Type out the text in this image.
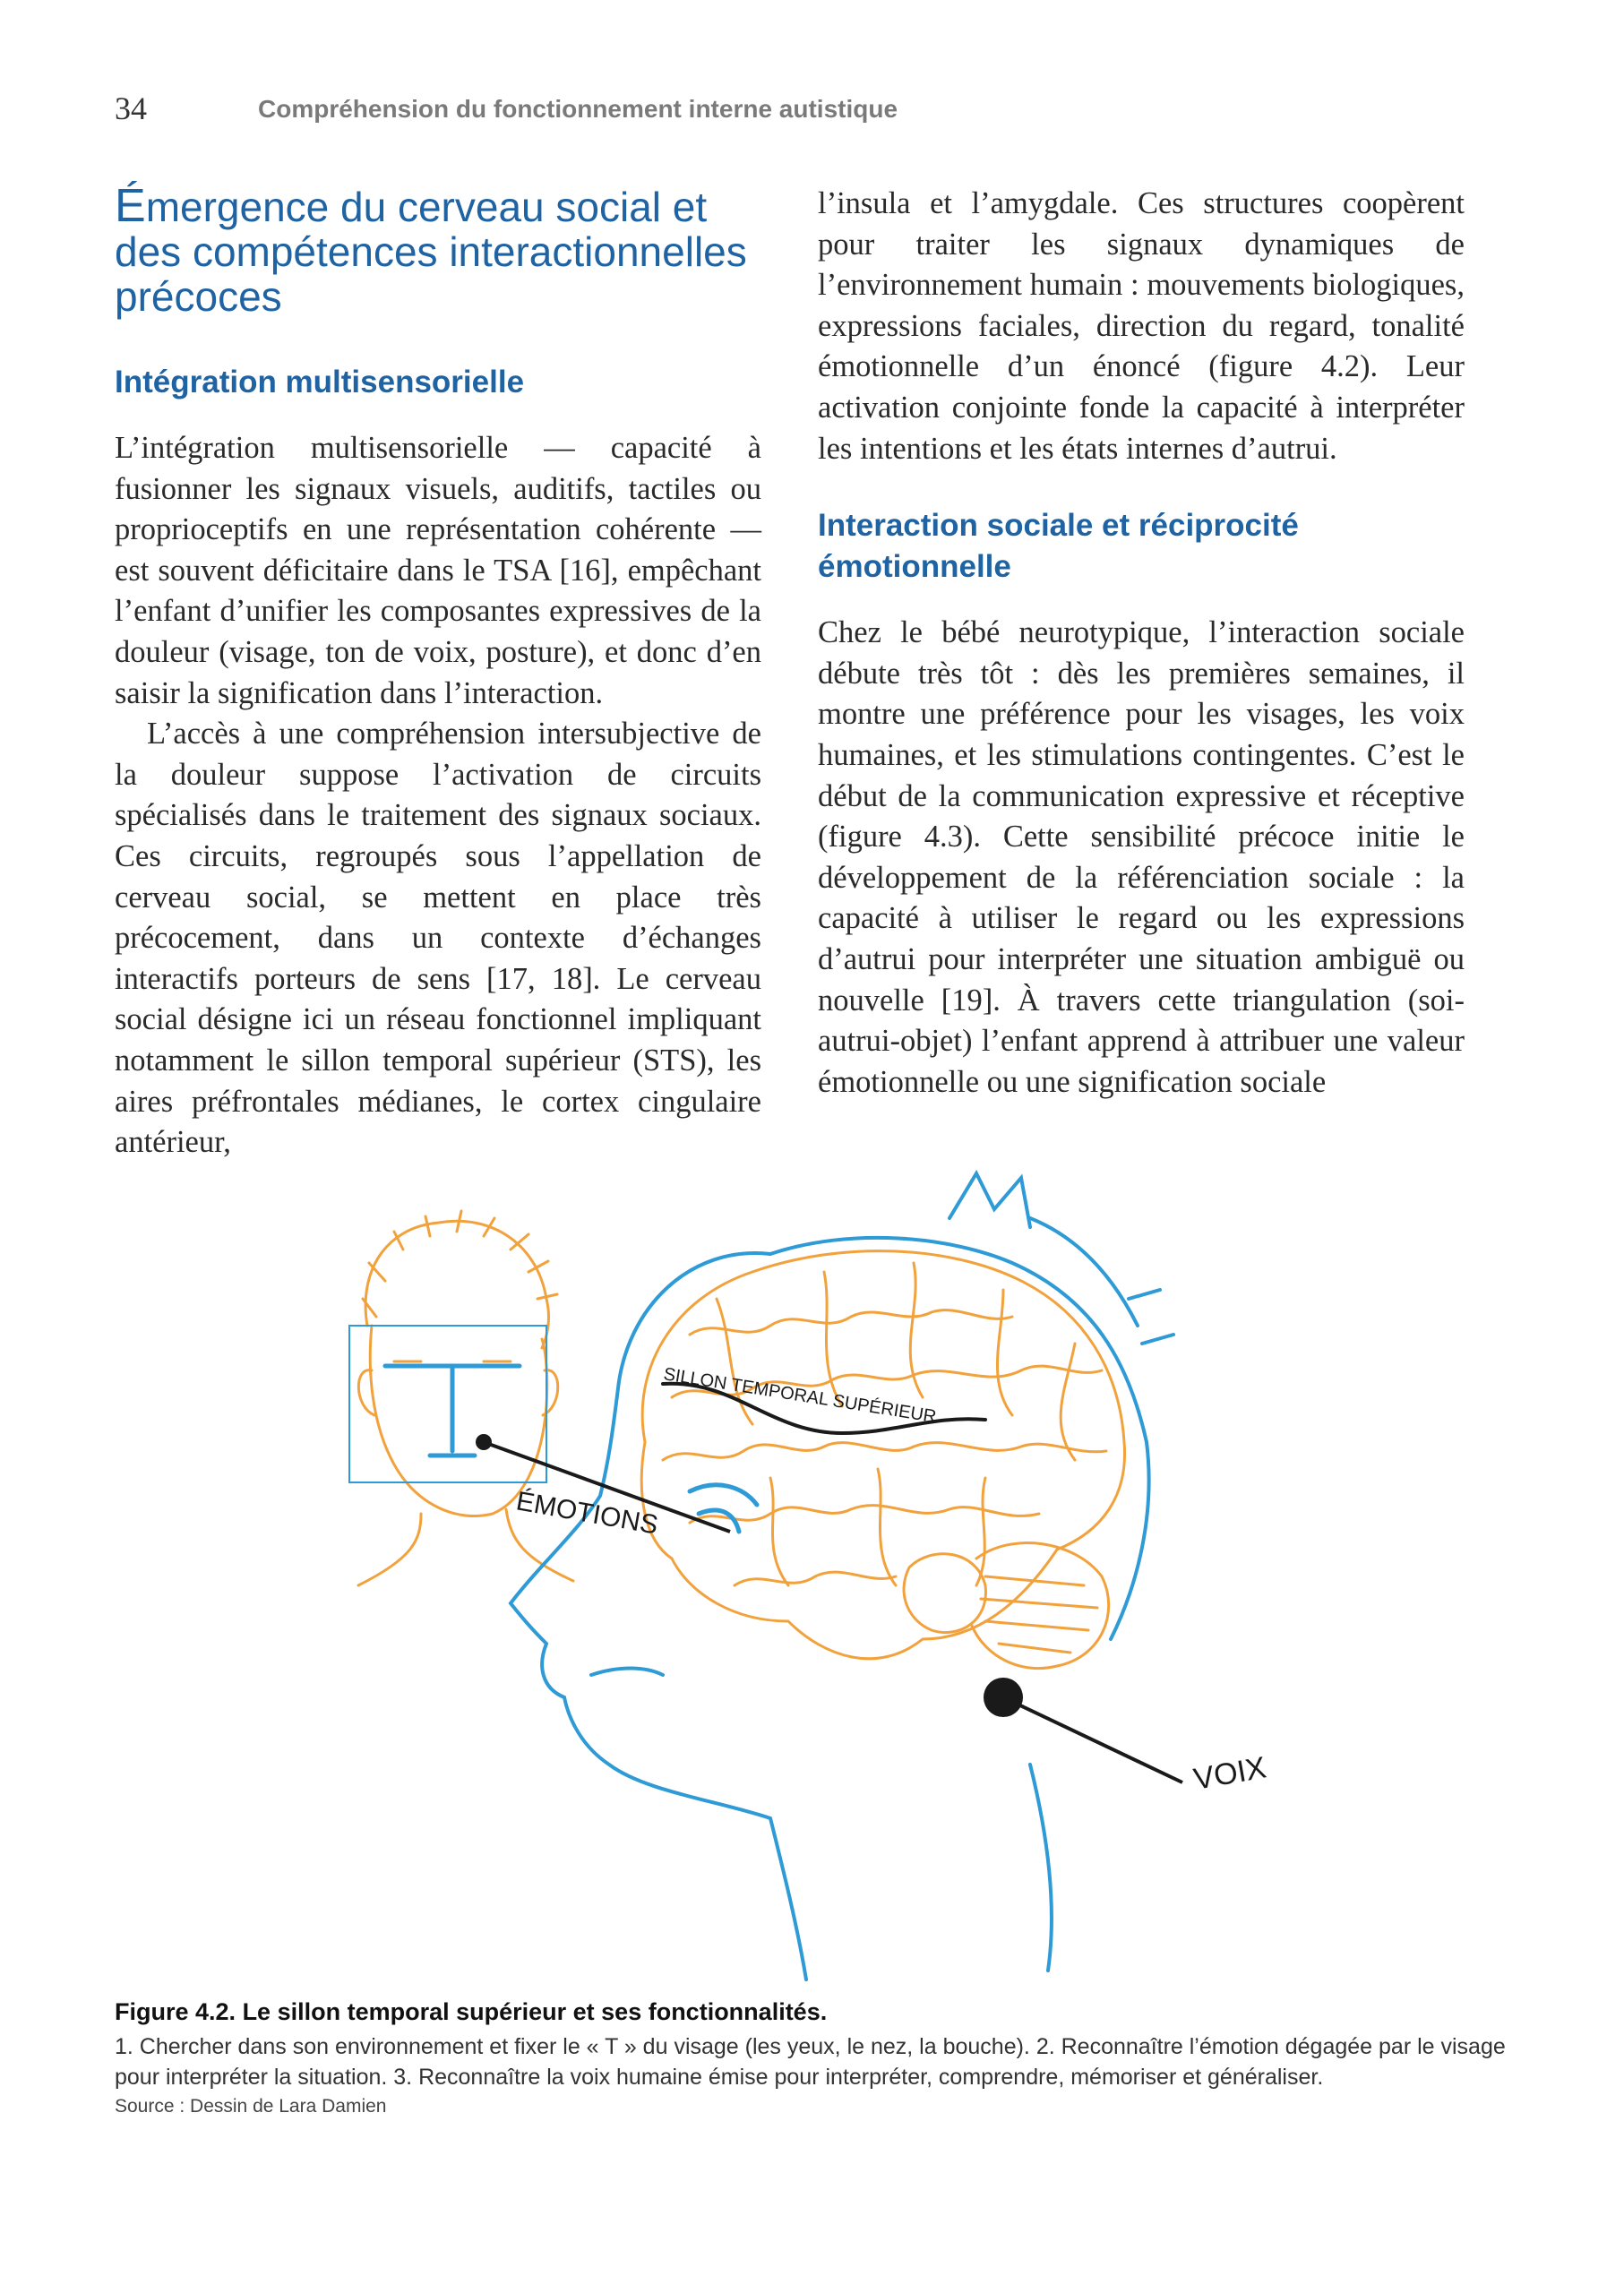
34	Compréhension du fonctionnement interne autistique
Émergence du cerveau social et des compétences interactionnelles précoces
Intégration multisensorielle

L’intégration multisensorielle — capacité à fusionner les signaux visuels, auditifs, tactiles ou proprioceptifs en une représentation cohérente — est souvent déficitaire dans le TSA [16], empêchant l’enfant d’unifier les composantes expressives de la douleur (visage, ton de voix, posture), et donc d’en saisir la signification dans l’interaction.

L’accès à une compréhension intersubjective de la douleur suppose l’activation de circuits spécialisés dans le traitement des signaux sociaux. Ces circuits, regroupés sous l’appellation de cerveau social, se mettent en place très précocement, dans un contexte d’échanges interactifs porteurs de sens [17, 18]. Le cerveau social désigne ici un réseau fonctionnel impliquant notamment le sillon temporal supérieur (STS), les aires préfrontales médianes, le cortex cingulaire antérieur,

l’insula et l’amygdale. Ces structures coopèrent pour traiter les signaux dynamiques de l’environnement humain : mouvements biologiques, expressions faciales, direction du regard, tonalité émotionnelle d’un énoncé (figure 4.2). Leur activation conjointe fonde la capacité à interpréter les intentions et les états internes d’autrui.

Interaction sociale et réciprocité émotionnelle

Chez le bébé neurotypique, l’interaction sociale débute très tôt : dès les premières semaines, il montre une préférence pour les visages, les voix humaines, et les stimulations contingentes. C’est le début de la communication expressive et réceptive (figure 4.3). Cette sensibilité précoce initie le développement de la référenciation sociale : la capacité à utiliser le regard ou les expressions d’autrui pour interpréter une situation ambiguë ou nouvelle [19]. À travers cette triangulation (soi-autrui-objet) l’enfant apprend à attribuer une valeur émotionnelle ou une signification sociale

SILLON TEMPORAL SUPÉRIEUR
ÉMOTIONS
VOIX

Figure 4.2. Le sillon temporal supérieur et ses fonctionnalités.

1. Chercher dans son environnement et fixer le « T » du visage (les yeux, le nez, la bouche). 2. Reconnaître l’émotion dégagée par le visage pour interpréter la situation. 3. Reconnaître la voix humaine émise pour interpréter, comprendre, mémoriser et généraliser.

Source : Dessin de Lara Damien
